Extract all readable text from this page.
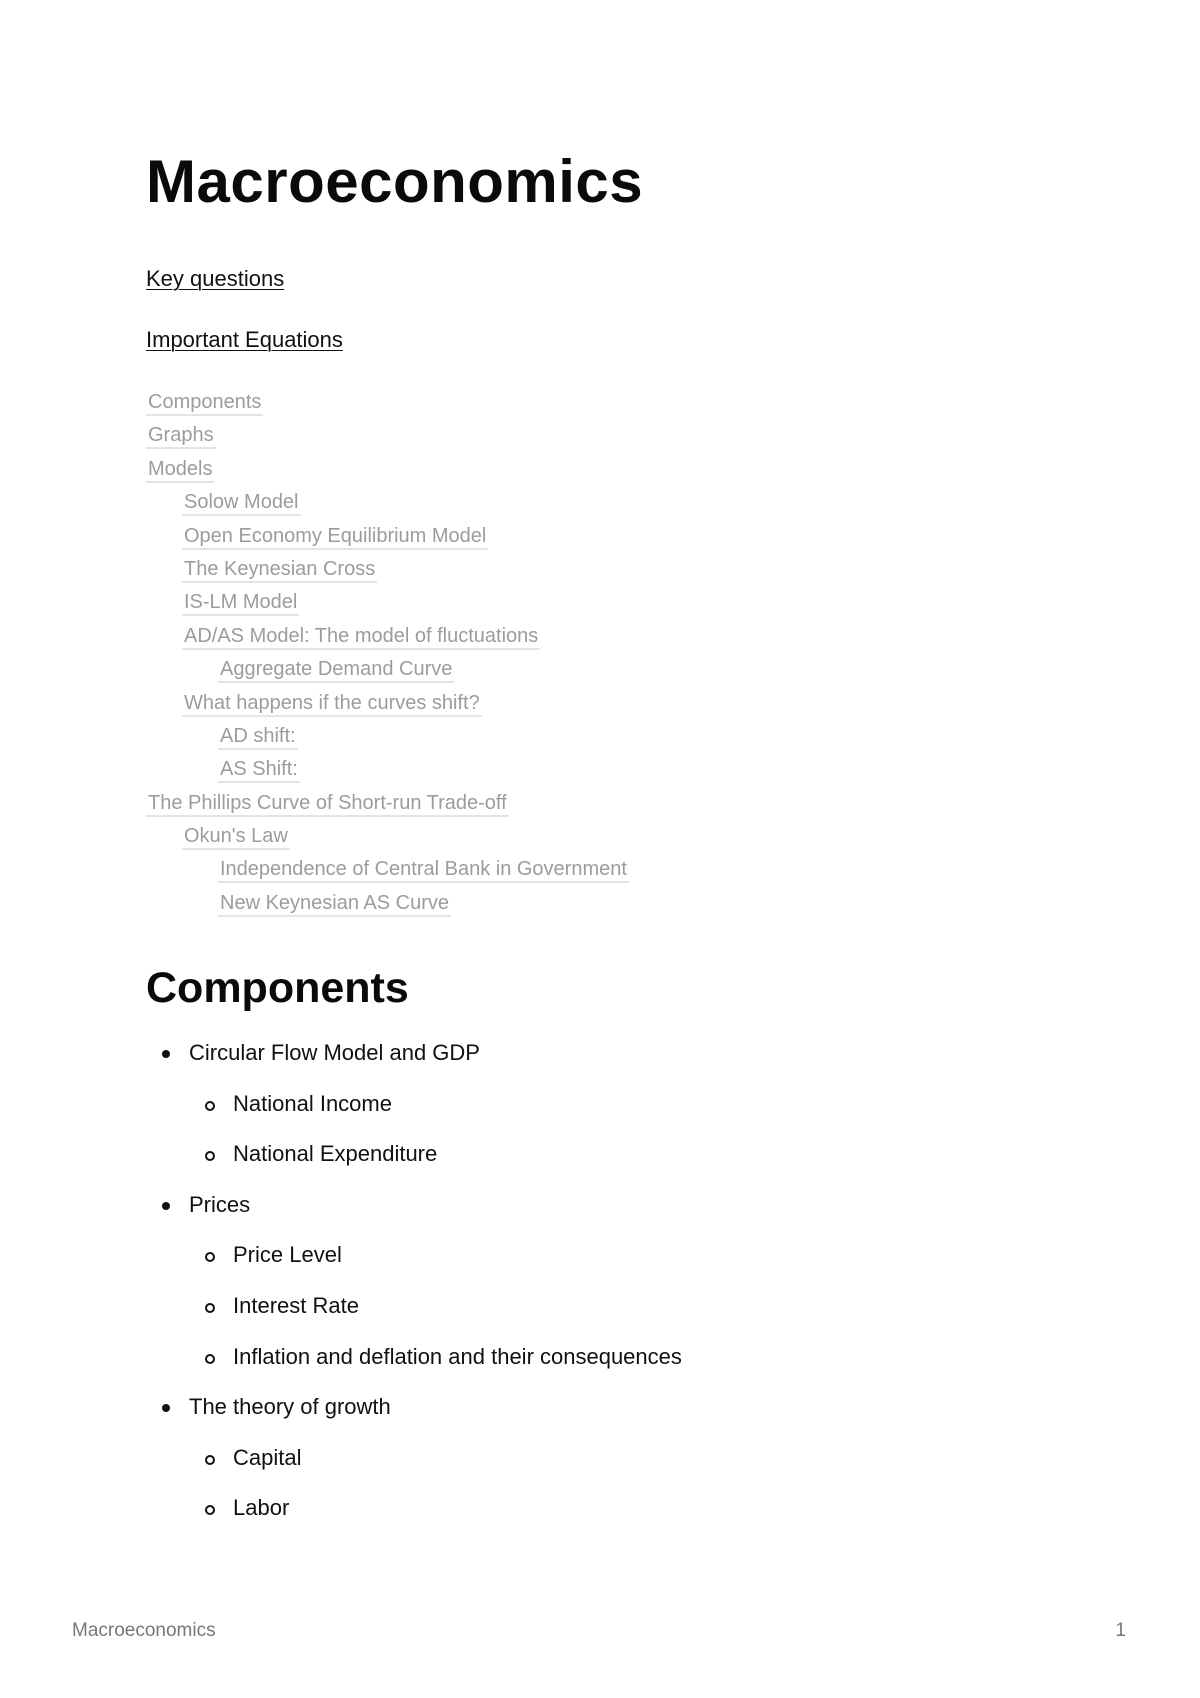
Macroeconomics
Key questions
Important Equations
Components
Graphs
Models
Solow Model
Open Economy Equilibrium Model
The Keynesian Cross
IS-LM Model
AD/AS Model: The model of fluctuations
Aggregate Demand Curve
What happens if the curves shift?
AD shift:
AS Shift:
The Phillips Curve of Short-run Trade-off
Okun's Law
Independence of Central Bank in Government
New Keynesian AS Curve
Components
Circular Flow Model and GDP
National Income
National Expenditure
Prices
Price Level
Interest Rate
Inflation and deflation and their consequences
The theory of growth
Capital
Labor
Macroeconomics	1
